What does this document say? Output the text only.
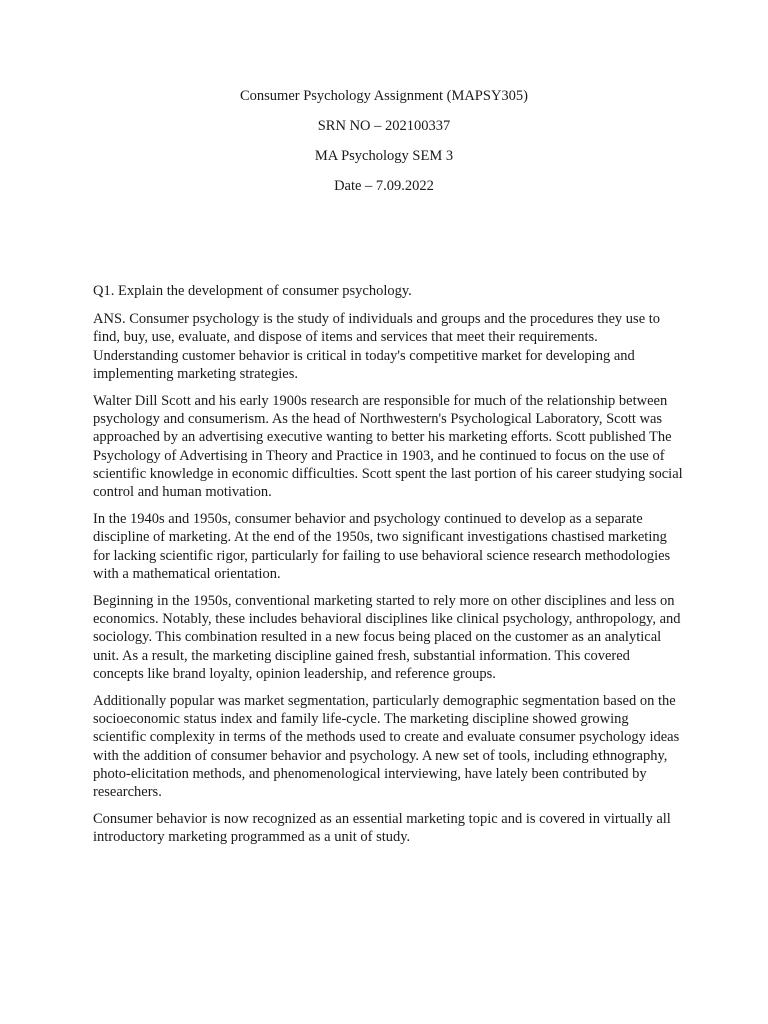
Consumer Psychology Assignment (MAPSY305)
SRN NO – 202100337
MA Psychology SEM 3
Date – 7.09.2022

Q1. Explain the development of consumer psychology.

ANS. Consumer psychology is the study of individuals and groups and the procedures they use to find, buy, use, evaluate, and dispose of items and services that meet their requirements. Understanding customer behavior is critical in today's competitive market for developing and implementing marketing strategies.

Walter Dill Scott and his early 1900s research are responsible for much of the relationship between psychology and consumerism. As the head of Northwestern's Psychological Laboratory, Scott was approached by an advertising executive wanting to better his marketing efforts. Scott published The Psychology of Advertising in Theory and Practice in 1903, and he continued to focus on the use of scientific knowledge in economic difficulties. Scott spent the last portion of his career studying social control and human motivation.

In the 1940s and 1950s, consumer behavior and psychology continued to develop as a separate discipline of marketing. At the end of the 1950s, two significant investigations chastised marketing for lacking scientific rigor, particularly for failing to use behavioral science research methodologies with a mathematical orientation.

Beginning in the 1950s, conventional marketing started to rely more on other disciplines and less on economics. Notably, these includes behavioral disciplines like clinical psychology, anthropology, and sociology. This combination resulted in a new focus being placed on the customer as an analytical unit. As a result, the marketing discipline gained fresh, substantial information. This covered concepts like brand loyalty, opinion leadership, and reference groups.

Additionally popular was market segmentation, particularly demographic segmentation based on the socioeconomic status index and family life-cycle. The marketing discipline showed growing scientific complexity in terms of the methods used to create and evaluate consumer psychology ideas with the addition of consumer behavior and psychology. A new set of tools, including ethnography, photo-elicitation methods, and phenomenological interviewing, have lately been contributed by researchers.

Consumer behavior is now recognized as an essential marketing topic and is covered in virtually all introductory marketing programmed as a unit of study.
